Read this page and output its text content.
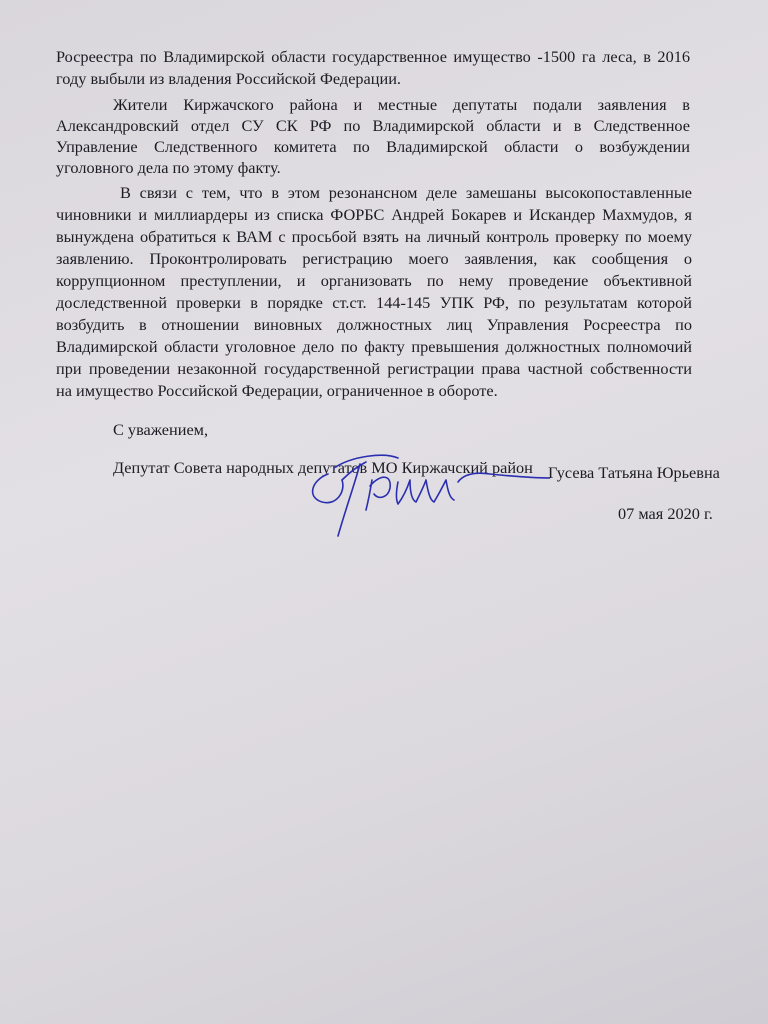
Росреестра по Владимирской области государственное имущество -1500 га леса, в 2016
году выбыли из владения Российской Федерации.
Жители Киржачского района и местные депутаты подали заявления в
Александровский отдел СУ СК РФ по Владимирской области и в Следственное
Управление Следственного комитета по Владимирской области о возбуждении
уголовного дела по этому факту.
В связи с тем, что в этом резонансном деле замешаны высокопоставленные
чиновники и миллиардеры из списка ФОРБС Андрей Бокарев и Искандер Махмудов, я
вынуждена обратиться к ВАМ с просьбой взять на личный контроль проверку по моему
заявлению. Проконтролировать регистрацию моего заявления, как сообщения о
коррупционном преступлении, и организовать по нему проведение объективной
доследственной проверки в порядке ст.ст. 144-145 УПК РФ, по результатам которой
возбудить в отношении виновных должностных лиц Управления Росреестра по
Владимирской области уголовное дело по факту превышения должностных полномочий
при проведении незаконной государственной регистрации права частной собственности
на имущество Российской Федерации, ограниченное в обороте.
С уважением,
Депутат Совета народных депутатов МО Киржачский район Гусева Татьяна Юрьевна
07 мая 2020 г.
